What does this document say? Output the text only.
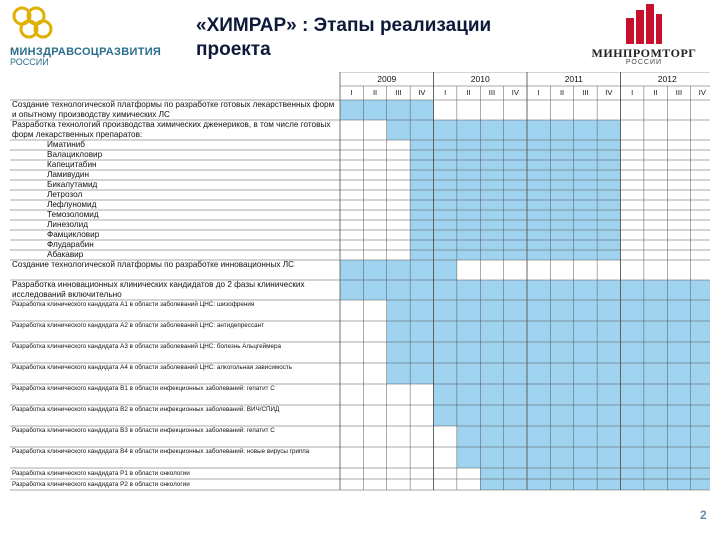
МИНЗДРАВСОЦРАЗВИТИЯ
РОССИИ
«ХИМРАР» : Этапы реализации проекта	МИНПРОМТОРГ
РОССИИ
2009
I	II	III	IV
2010
I	II	III	IV
2011
I	II	III	IV
2012
I	II	III	IV
Создание технологической платформы по разработке готовых лекарственных форм и опытному производству химических ЛС
Разработка технологий производства химических дженериков, в том числе готовых форм лекарственных препаратов:
Иматиниб
Валацикловир
Капецитабин
Ламивудин
Бикалутамид
Летрозол
Лефлуномид
Темозоломид
Линезолид
Фамцикловир
Флударабин
Абакавир
Создание технологической платформы по разработке инновационных ЛС
Разработка инновационных клинических кандидатов до 2 фазы клинических исследований включительно
Разработка клинического кандидата А1 в области заболеваний ЦНС: шизофрения
Разработка клинического кандидата А2 в области заболеваний ЦНС: антидепрессант
Разработка клинического кандидата А3 в области заболеваний ЦНС: болезнь Альцгеймера
Разработка клинического кандидата А4 в области заболеваний ЦНС: алкогольная зависимость
Разработка клинического кандидата В1 в области инфекционных заболеваний: гепатит С
Разработка клинического кандидата В2 в области инфекционных заболеваний: ВИЧ/СПИД
Разработка клинического кандидата В3 в области инфекционных заболеваний: гепатит С
Разработка клинического кандидата В4 в области инфекционных заболеваний: новые вирусы гриппа
Разработка клинического кандидата Р1 в области онкологии
Разработка клинического кандидата Р2 в области онкологии
2
